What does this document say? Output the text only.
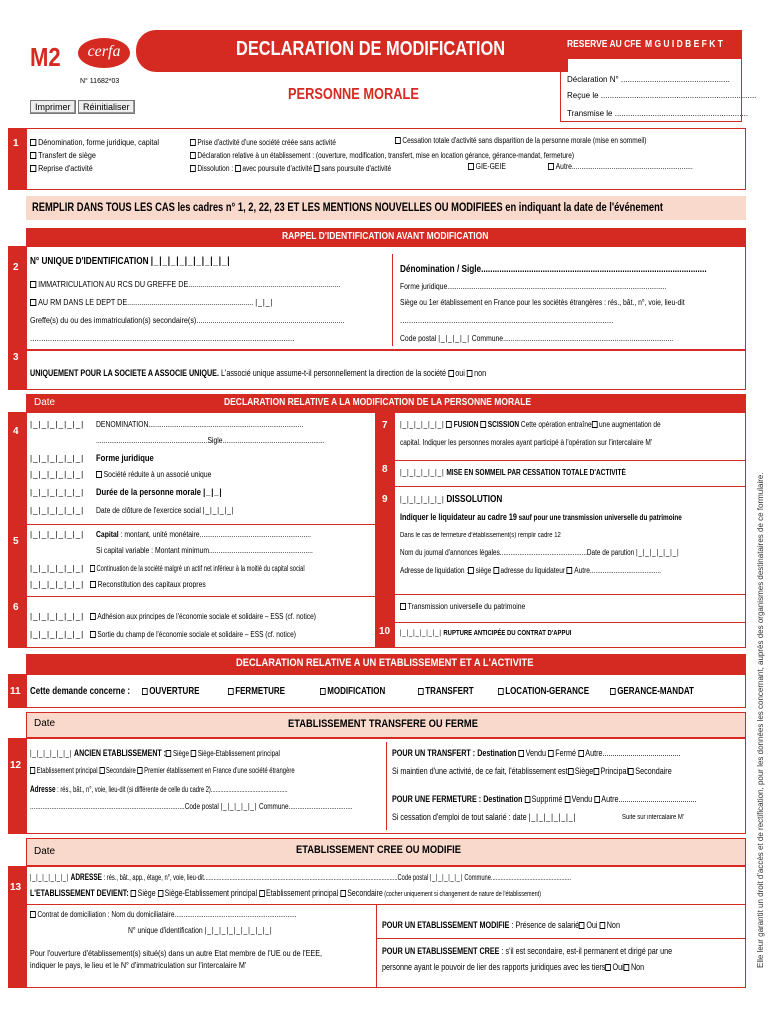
M2	cerfa
N° 11682*03
Imprimer	Réinitialiser
DECLARATION DE MODIFICATION
PERSONNE MORALE
RESERVE AU CFE M G U I D B E F K T
Déclaration N° .................................................
Reçue le ......................................................................
Transmise le ............................................................
Elle leur garantit un droit d'accès et de rectification, pour les données les concernant, auprès des organismes destinataires de ce formulaire.
1	Dénomination, forme juridique, capital
Transfert de siège
Reprise d'activité
Prise d'activité d'une société créée sans activité
Déclaration relative à un établissement : (ouverture, modification, transfert, mise en location gérance, gérance-mandat, fermeture)
Dissolution : avec poursuite d'activité sans poursuite d'activité
Cessation totale d'activité sans disparition de la personne morale (mise en sommeil)
GIE-GEIE	Autre................................................................
REMPLIR DANS TOUS LES CAS les cadres n° 1, 2, 22, 23 ET LES MENTIONS NOUVELLES OU MODIFIEES en indiquant la date de l'événement
RAPPEL D'IDENTIFICATION AVANT MODIFICATION
2
N° UNIQUE D'IDENTIFICATION |_|_|_|_|_|_|_|_|_|
IMMATRICULATION AU RCS DU GREFFE DE............................................................................
AU RM DANS LE DEPT DE............................................................... |_|_|
Greffe(s) du ou des immatriculation(s) secondaire(s)..........................................................................
.......................................................................................................................
Dénomination / Sigle...................................................................................................
Forme juridique....................................................................................................................
Siège ou 1er établissement en France pour les sociétés étrangères : rés., bât., n°, voie, lieu-dit
................................................................................................
Code postal |_|_|_|_| Commune..........................................................................................
3
UNIQUEMENT POUR LA SOCIETE A ASSOCIE UNIQUE. L'associé unique assume-t-il personnellement la direction de la société oui non
Date	DECLARATION RELATIVE A LA MODIFICATION DE LA PERSONNE MORALE
4
5
6
|_|_|_|_|_|_| DENOMINATION..................................................................................
...........................................................Sigle......................................................
|_|_|_|_|_|_| Forme juridique
|_|_|_|_|_|_|	Société réduite à un associé unique
|_|_|_|_|_|_| Durée de la personne morale |_|_|
|_|_|_|_|_|_| Date de clôture de l'exercice social |_|_|_|_|
|_|_|_|_|_|_| Capital : montant, unité monétaire...........................................................
Si capital variable : Montant minimum.......................................................
|_|_|_|_|_|_|	Continuation de la société malgré un actif net inférieur à la moitié du capital social
|_|_|_|_|_|_|	Reconstitution des capitaux propres
|_|_|_|_|_|_|	Adhésion aux principes de l'économie sociale et solidaire – ESS (cf. notice)
|_|_|_|_|_|_|	Sortie du champ de l'économie sociale et solidaire – ESS (cf. notice)
7
8
9
10
|_|_|_|_|_|_| FUSION SCISSION Cette opération entraîne une augmentation de
capital. Indiquer les personnes morales ayant participé à l'opération sur l'intercalaire M'
|_|_|_|_|_|_| MISE EN SOMMEIL PAR CESSATION TOTALE D'ACTIVITÉ
|_|_|_|_|_|_| DISSOLUTION
Indiquer le liquidateur au cadre 19 sauf pour une transmission universelle du patrimoine
Dans le cas de fermeture d'établissement(s) remplir cadre 12
Nom du journal d'annonces légales.................................................Date de parution |_|_|_|_|_|_|
Adresse de liquidation : siège adresse du liquidateur Autre.......................................
Transmission universelle du patrimoine
|_|_|_|_|_|_| RUPTURE ANTICIPÉE DU CONTRAT D'APPUI
DECLARATION RELATIVE A UN ETABLISSEMENT ET A L'ACTIVITE
11 Cette demande concerne :	OUVERTURE	FERMETURE	MODIFICATION	TRANSFERT	LOCATION-GERANCE	GERANCE-MANDAT
Date	ETABLISSEMENT TRANSFERE OU FERME
12
|_|_|_|_|_|_| ANCIEN ETABLISSEMENT : Siège Siège-Etablissement principal
Etablissement principal Secondaire Premier établissement en France d'une société étrangère
Adresse : rés., bât., n°, voie, lieu-dit (si différente de celle du cadre 2)................................................
.......................................................................................Code postal |_|_|_|_|_| Commune....................................
POUR UN TRANSFERT : Destination Vendu Fermé Autre.......................................
Si maintien d'une activité, de ce fait, l'établissement est Siège Principal Secondaire
POUR UNE FERMETURE : Destination Supprimé Vendu Autre.......................................
Si cessation d'emploi de tout salarié : date |_|_|_|_|_|_|	Suite sur intercalaire M'
Date	ETABLISSEMENT CREE OU MODIFIE
13
|_|_|_|_|_|_| ADRESSE : rés., bât., app., étage, n°, voie, lieu-dit.........................................................................................................................Code postal |_|_|_|_|_| Commune..................................................
L'ETABLISSEMENT DEVIENT: Siège Siège-Etablissement principal Etablissement principal Secondaire (cocher uniquement si changement de nature de l'établissement)
Contrat de domiciliation : Nom du domiciliataire...................................................................
N° unique d'identification |_|_|_|_|_|_|_|_|_|
Pour l'ouverture d'établissement(s) situé(s) dans un autre Etat membre de l'UE ou de l'EEE, indiquer le pays, le lieu et le N° d'immatriculation sur l'intercalaire M'
POUR UN ETABLISSEMENT MODIFIE : Présence de salarié Oui Non
POUR UN ETABLISSEMENT CREE : s'il est secondaire, est-il permanent et dirigé par une
personne ayant le pouvoir de lier des rapports juridiques avec les tiers Oui Non
